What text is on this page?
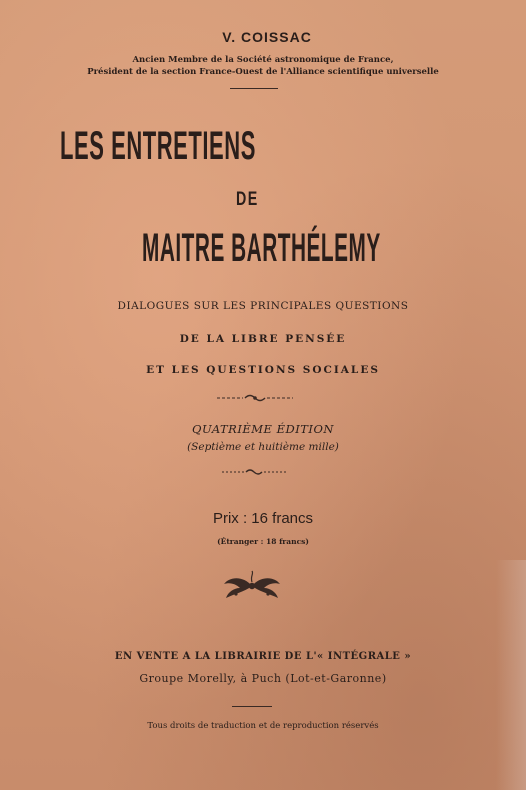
V. COISSAC
Ancien Membre de la Société astronomique de France,
Président de la section France-Ouest de l'Alliance scientifique universelle
LES ENTRETIENS
DE
MAITRE BARTHÉLEMY
DIALOGUES SUR LES PRINCIPALES QUESTIONS
DE LA LIBRE PENSÉE
ET LES QUESTIONS SOCIALES
QUATRIÈME ÉDITION
(Septième et huitième mille)
Prix : 16 francs
(Étranger : 18 francs)
EN VENTE A LA LIBRAIRIE DE L'« INTÉGRALE »
Groupe Morelly, à Puch (Lot-et-Garonne)
Tous droits de traduction et de reproduction réservés
